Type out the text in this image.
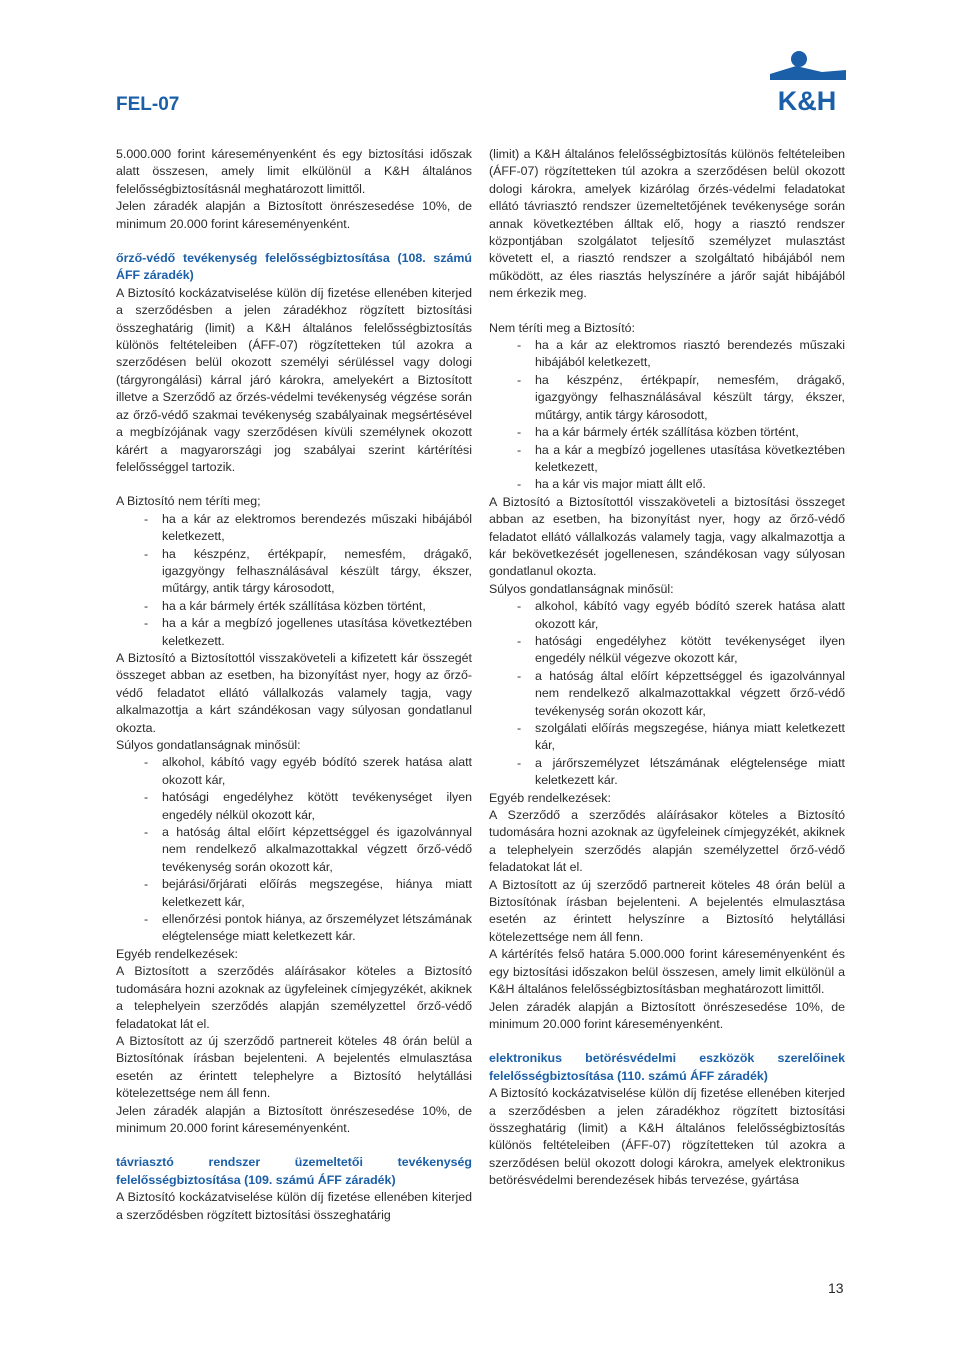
FEL-07	K&H

5.000.000 forint káreseményenként és egy biztosítási időszak alatt összesen, amely limit elkülönül a K&H általános felelősségbiztosításnál meghatározott limittől.

Jelen záradék alapján a Biztosított önrészesedése 10%, de minimum 20.000 forint káreseményenként.

őrző-védő tevékenység felelősségbiztosítása (108. számú ÁFF záradék)

A Biztosító kockázatviselése külön díj fizetése ellenében kiterjed a szerződésben a jelen záradékhoz rögzített biztosítási összeghatárig (limit) a K&H általános felelősségbiztosítás különös feltételeiben (ÁFF-07) rögzítetteken túl azokra a szerződésen belül okozott személyi sérüléssel vagy dologi (tárgyrongálási) kárral járó károkra, amelyekért a Biztosított illetve a Szerződő az őrzés-védelmi tevékenység végzése során az őrző-védő szakmai tevékenység szabályainak megsértésével a megbízójának vagy szerződésen kívüli személynek okozott kárért a magyarországi jog szabályai szerint kártérítési felelősséggel tartozik.

A Biztosító nem téríti meg;

- ha a kár az elektromos berendezés műszaki hibájából keletkezett,
- ha készpénz, értékpapír, nemesfém, drágakő, igazgyöngy felhasználásával készült tárgy, ékszer, műtárgy, antik tárgy károsodott,
- ha a kár bármely érték szállítása közben történt,
- ha a kár a megbízó jogellenes utasítása következtében keletkezett.

A Biztosító a Biztosítottól visszaköveteli a kifizetett kár összegét összeget abban az esetben, ha bizonyítást nyer, hogy az őrző-védő feladatot ellátó vállalkozás valamely tagja, vagy alkalmazottja a kárt szándékosan vagy súlyosan gondatlanul okozta.

Súlyos gondatlanságnak minősül:

- alkohol, kábító vagy egyéb bódító szerek hatása alatt okozott kár,
- hatósági engedélyhez kötött tevékenységet ilyen engedély nélkül okozott kár,
- a hatóság által előírt képzettséggel és igazolvánnyal nem rendelkező alkalmazottakkal végzett őrző-védő tevékenység során okozott kár,
- bejárási/őrjárati előírás megszegése, hiánya miatt keletkezett kár,
- ellenőrzési pontok hiánya, az őrszemélyzet létszámának elégtelensége miatt keletkezett kár.

Egyéb rendelkezések:

A Biztosított a szerződés aláírásakor köteles a Biztosító tudomására hozni azoknak az ügyfeleinek címjegyzékét, akiknek a telephelyein szerződés alapján személyzettel őrző-védő feladatokat lát el.

A Biztosított az új szerződő partnereit köteles 48 órán belül a Biztosítónak írásban bejelenteni. A bejelentés elmulasztása esetén az érintett telephelyre a Biztosító helytállási kötelezettsége nem áll fenn.

Jelen záradék alapján a Biztosított önrészesedése 10%, de minimum 20.000 forint káreseményenként.

távriasztó rendszer üzemeltetői tevékenység felelősségbiztosítása (109. számú ÁFF záradék)

A Biztosító kockázatviselése külön díj fizetése ellenében kiterjed a szerződésben rögzített biztosítási összeghatárig

(limit) a K&H általános felelősségbiztosítás különös feltételeiben (ÁFF-07) rögzítetteken túl azokra a szerződésen belül okozott dologi károkra, amelyek kizárólag őrzés-védelmi feladatokat ellátó távriasztó rendszer üzemeltetőjének tevékenysége során annak következtében álltak elő, hogy a riasztó rendszer központjában szolgálatot teljesítő személyzet mulasztást követett el, a riasztó rendszer a szolgáltató hibájából nem működött, az éles riasztás helyszínére a járőr saját hibájából nem érkezik meg.

Nem téríti meg a Biztosító:

- ha a kár az elektromos riasztó berendezés műszaki hibájából keletkezett,
- ha készpénz, értékpapír, nemesfém, drágakő, igazgyöngy felhasználásával készült tárgy, ékszer, műtárgy, antik tárgy károsodott,
- ha a kár bármely érték szállítása közben történt,
- ha a kár a megbízó jogellenes utasítása következtében keletkezett,
- ha a kár vis major miatt állt elő.

A Biztosító a Biztosítottól visszaköveteli a biztosítási összeget abban az esetben, ha bizonyítást nyer, hogy az őrző-védő feladatot ellátó vállalkozás valamely tagja, vagy alkalmazottja a kár bekövetkezését jogellenesen, szándékosan vagy súlyosan gondatlanul okozta.

Súlyos gondatlanságnak minősül:

- alkohol, kábító vagy egyéb bódító szerek hatása alatt okozott kár,
- hatósági engedélyhez kötött tevékenységet ilyen engedély nélkül végezve okozott kár,
- a hatóság által előírt képzettséggel és igazolvánnyal nem rendelkező alkalmazottakkal végzett őrző-védő tevékenység során okozott kár,
- szolgálati előírás megszegése, hiánya miatt keletkezett kár,
- a járőrszemélyzet létszámának elégtelensége miatt keletkezett kár.

Egyéb rendelkezések:

A Szerződő a szerződés aláírásakor köteles a Biztosító tudomására hozni azoknak az ügyfeleinek címjegyzékét, akiknek a telephelyein szerződés alapján személyzettel őrző-védő feladatokat lát el.

A Biztosított az új szerződő partnereit köteles 48 órán belül a Biztosítónak írásban bejelenteni. A bejelentés elmulasztása esetén az érintett helyszínre a Biztosító helytállási kötelezettsége nem áll fenn.

A kártérítés felső határa 5.000.000 forint káreseményenként és egy biztosítási időszakon belül összesen, amely limit elkülönül a K&H általános felelősségbiztosításban meghatározott limittől.

Jelen záradék alapján a Biztosított önrészesedése 10%, de minimum 20.000 forint káreseményenként.

elektronikus betörésvédelmi eszközök szerelőinek felelősségbiztosítása (110. számú ÁFF záradék)

A Biztosító kockázatviselése külön díj fizetése ellenében kiterjed a szerződésben a jelen záradékhoz rögzített biztosítási összeghatárig (limit) a K&H általános felelősségbiztosítás különös feltételeiben (ÁFF-07) rögzítetteken túl azokra a szerződésen belül okozott dologi károkra, amelyek elektronikus betörésvédelmi berendezések hibás tervezése, gyártása

13
